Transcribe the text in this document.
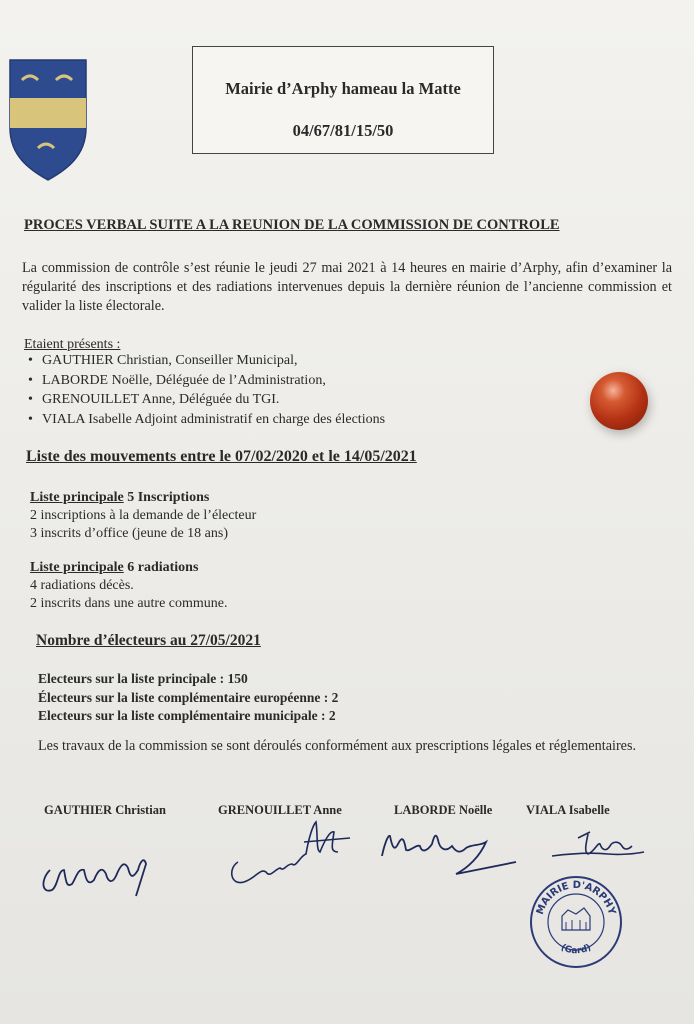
Mairie d’Arphy hameau la Matte
04/67/81/15/50
PROCES VERBAL SUITE A LA REUNION DE LA COMMISSION DE CONTROLE
La commission de contrôle s’est réunie le jeudi 27 mai 2021 à 14 heures en mairie d’Arphy, afin d’examiner la régularité des inscriptions et des radiations intervenues depuis la dernière réunion de l’ancienne commission et valider la liste électorale.
Etaient présents :
• GAUTHIER Christian, Conseiller Municipal,
• LABORDE Noëlle, Déléguée de l’Administration,
• GRENOUILLET Anne, Déléguée du TGI.
• VIALA Isabelle Adjoint administratif en charge des élections
Liste des mouvements entre le 07/02/2020 et le 14/05/2021
Liste principale 5 Inscriptions
2 inscriptions à la demande de l’électeur
3 inscrits d’office (jeune de 18 ans)
Liste principale 6 radiations
4 radiations décès.
2 inscrits dans une autre commune.
Nombre d’électeurs au 27/05/2021
Electeurs sur la liste principale : 150
Électeurs sur la liste complémentaire européenne : 2
Electeurs sur la liste complémentaire municipale : 2
Les travaux de la commission se sont déroulés conformément aux prescriptions légales et réglementaires.
GAUTHIER Christian	GRENOUILLET Anne	LABORDE Noëlle	VIALA Isabelle
MAIRIE D'ARPHY
(Gard)
